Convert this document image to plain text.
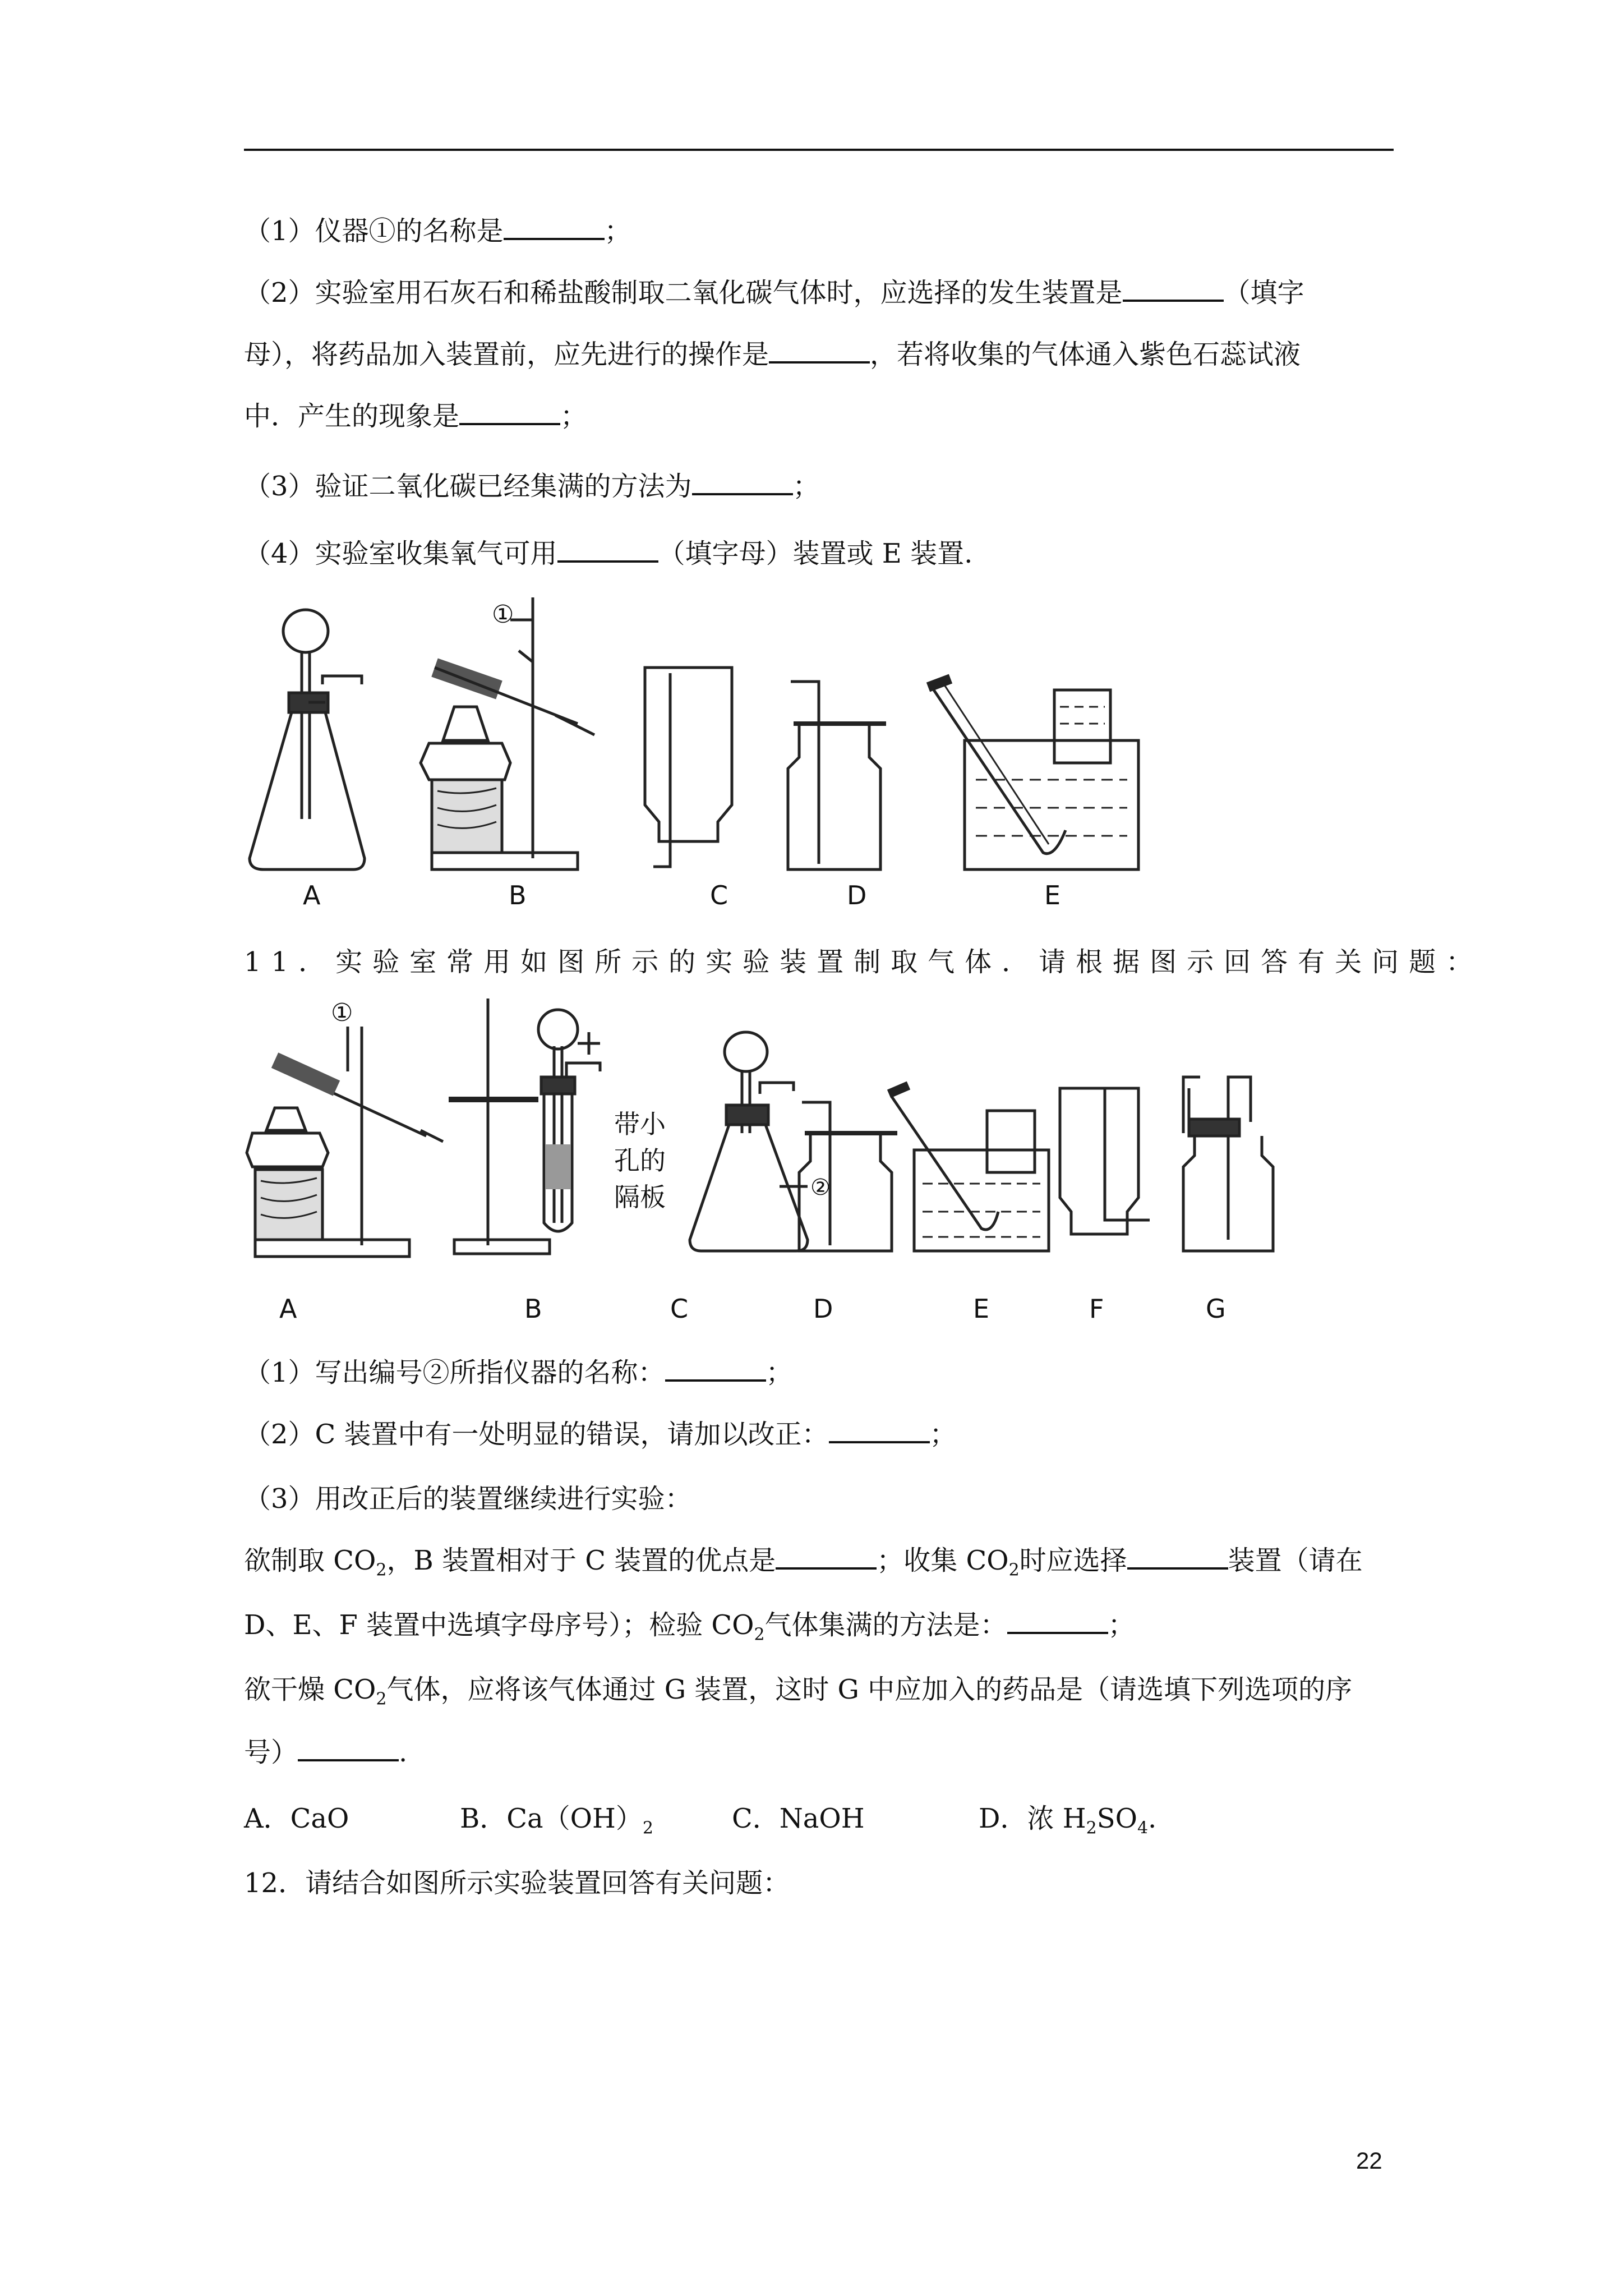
（1）仪器①的名称是	；
（2）实验室用石灰石和稀盐酸制取二氧化碳气体时，应选择的发生装置是	（填字
母），将药品加入装置前，应先进行的操作是	，若将收集的气体通入紫色石蕊试液
中．产生的现象是	；
（3）验证二氧化碳已经集满的方法为	；
（4）实验室收集氧气可用	（填字母）装置或 E 装置.
①
A	B	C	D	E
11．实验室常用如图所示的实验装置制取气体．请根据图示回答有关问题：
①
带小
孔的
隔板	②
A	B	C	D	E	F	G
（1）写出编号②所指仪器的名称：	；
（2）C 装置中有一处明显的错误，请加以改正：	；
（3）用改正后的装置继续进行实验：
欲制取 $CO_2$，B 装置相对于 C 装置的优点是	；收集 $CO_2$时应选择	装置（请在
D、E、F 装置中选填字母序号）；检验 $CO_2$气体集满的方法是：	；
欲干燥 $CO_2$气体，应将该气体通过 G 装置，这时 G 中应加入的药品是（请选填下列选项的序
号）	.
A．CaO	B．$Ca(OH)_2$	C．NaOH	D．浓 $H_2SO_4$.
12．请结合如图所示实验装置回答有关问题：
22
